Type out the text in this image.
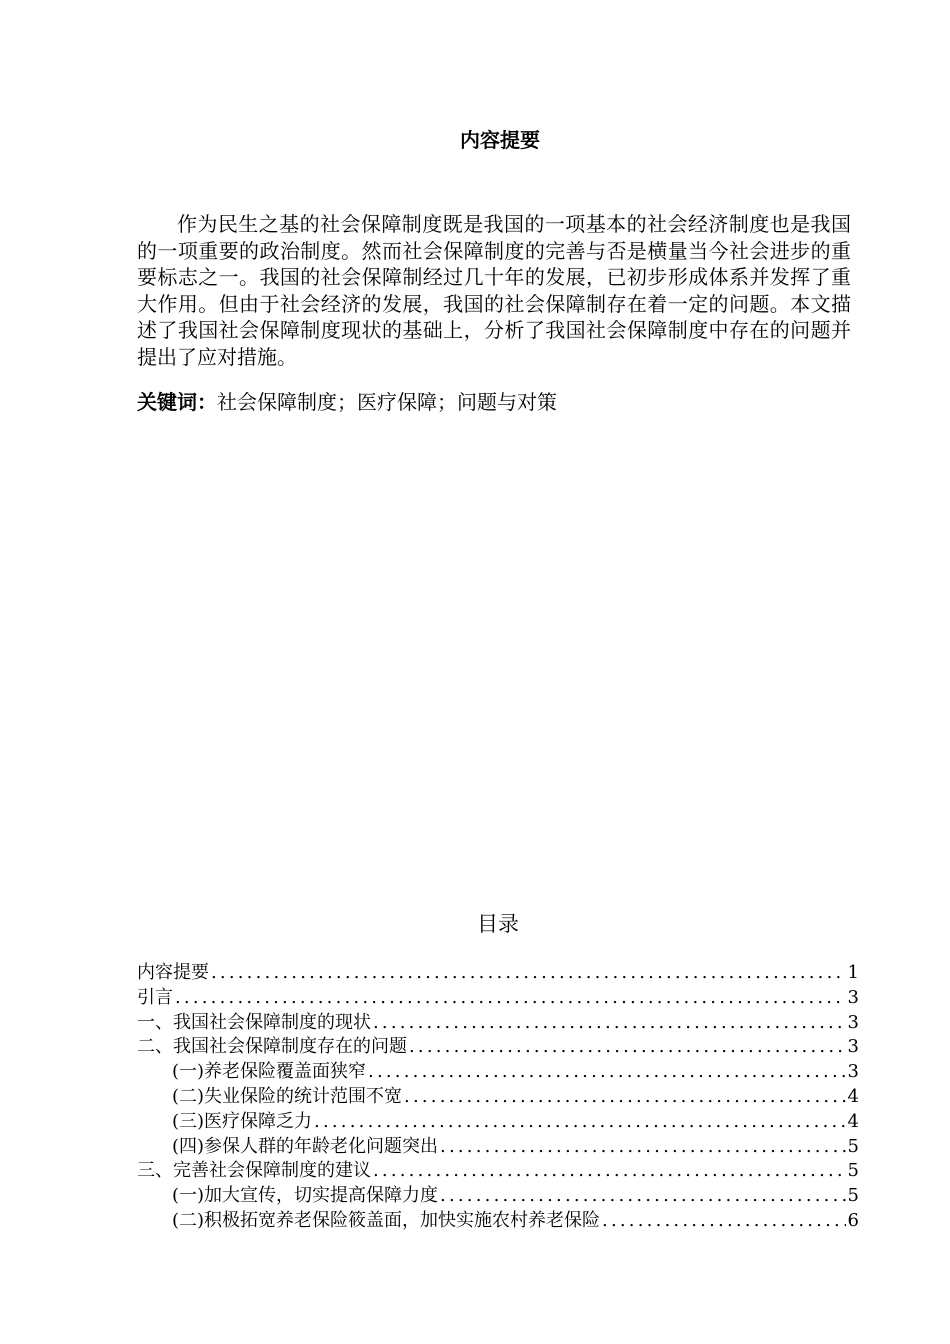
内容提要

作为民生之基的社会保障制度既是我国的一项基本的社会经济制度也是我国的一项重要的政治制度。然而社会保障制度的完善与否是横量当今社会进步的重要标志之一。我国的社会保障制经过几十年的发展，已初步形成体系并发挥了重大作用。但由于社会经济的发展，我国的社会保障制存在着一定的问题。本文描述了我国社会保障制度现状的基础上，分析了我国社会保障制度中存在的问题并提出了应对措施。

关键词：社会保障制度；医疗保障；问题与对策
目录
内容提要 .....	1
引言 .....	3
一、我国社会保障制度的现状 .....	3
二、我国社会保障制度存在的问题 .....	3
(一)养老保险覆盖面狭窄 .....	3
(二)失业保险的统计范围不宽 .....	4
(三)医疗保障乏力 .....	4
(四)参保人群的年龄老化问题突出 .....	5
三、完善社会保障制度的建议 .....	5
(一)加大宣传，切实提高保障力度 .....	5
(二)积极拓宽养老保险筱盖面，加快实施农村养老保险 .....	6
